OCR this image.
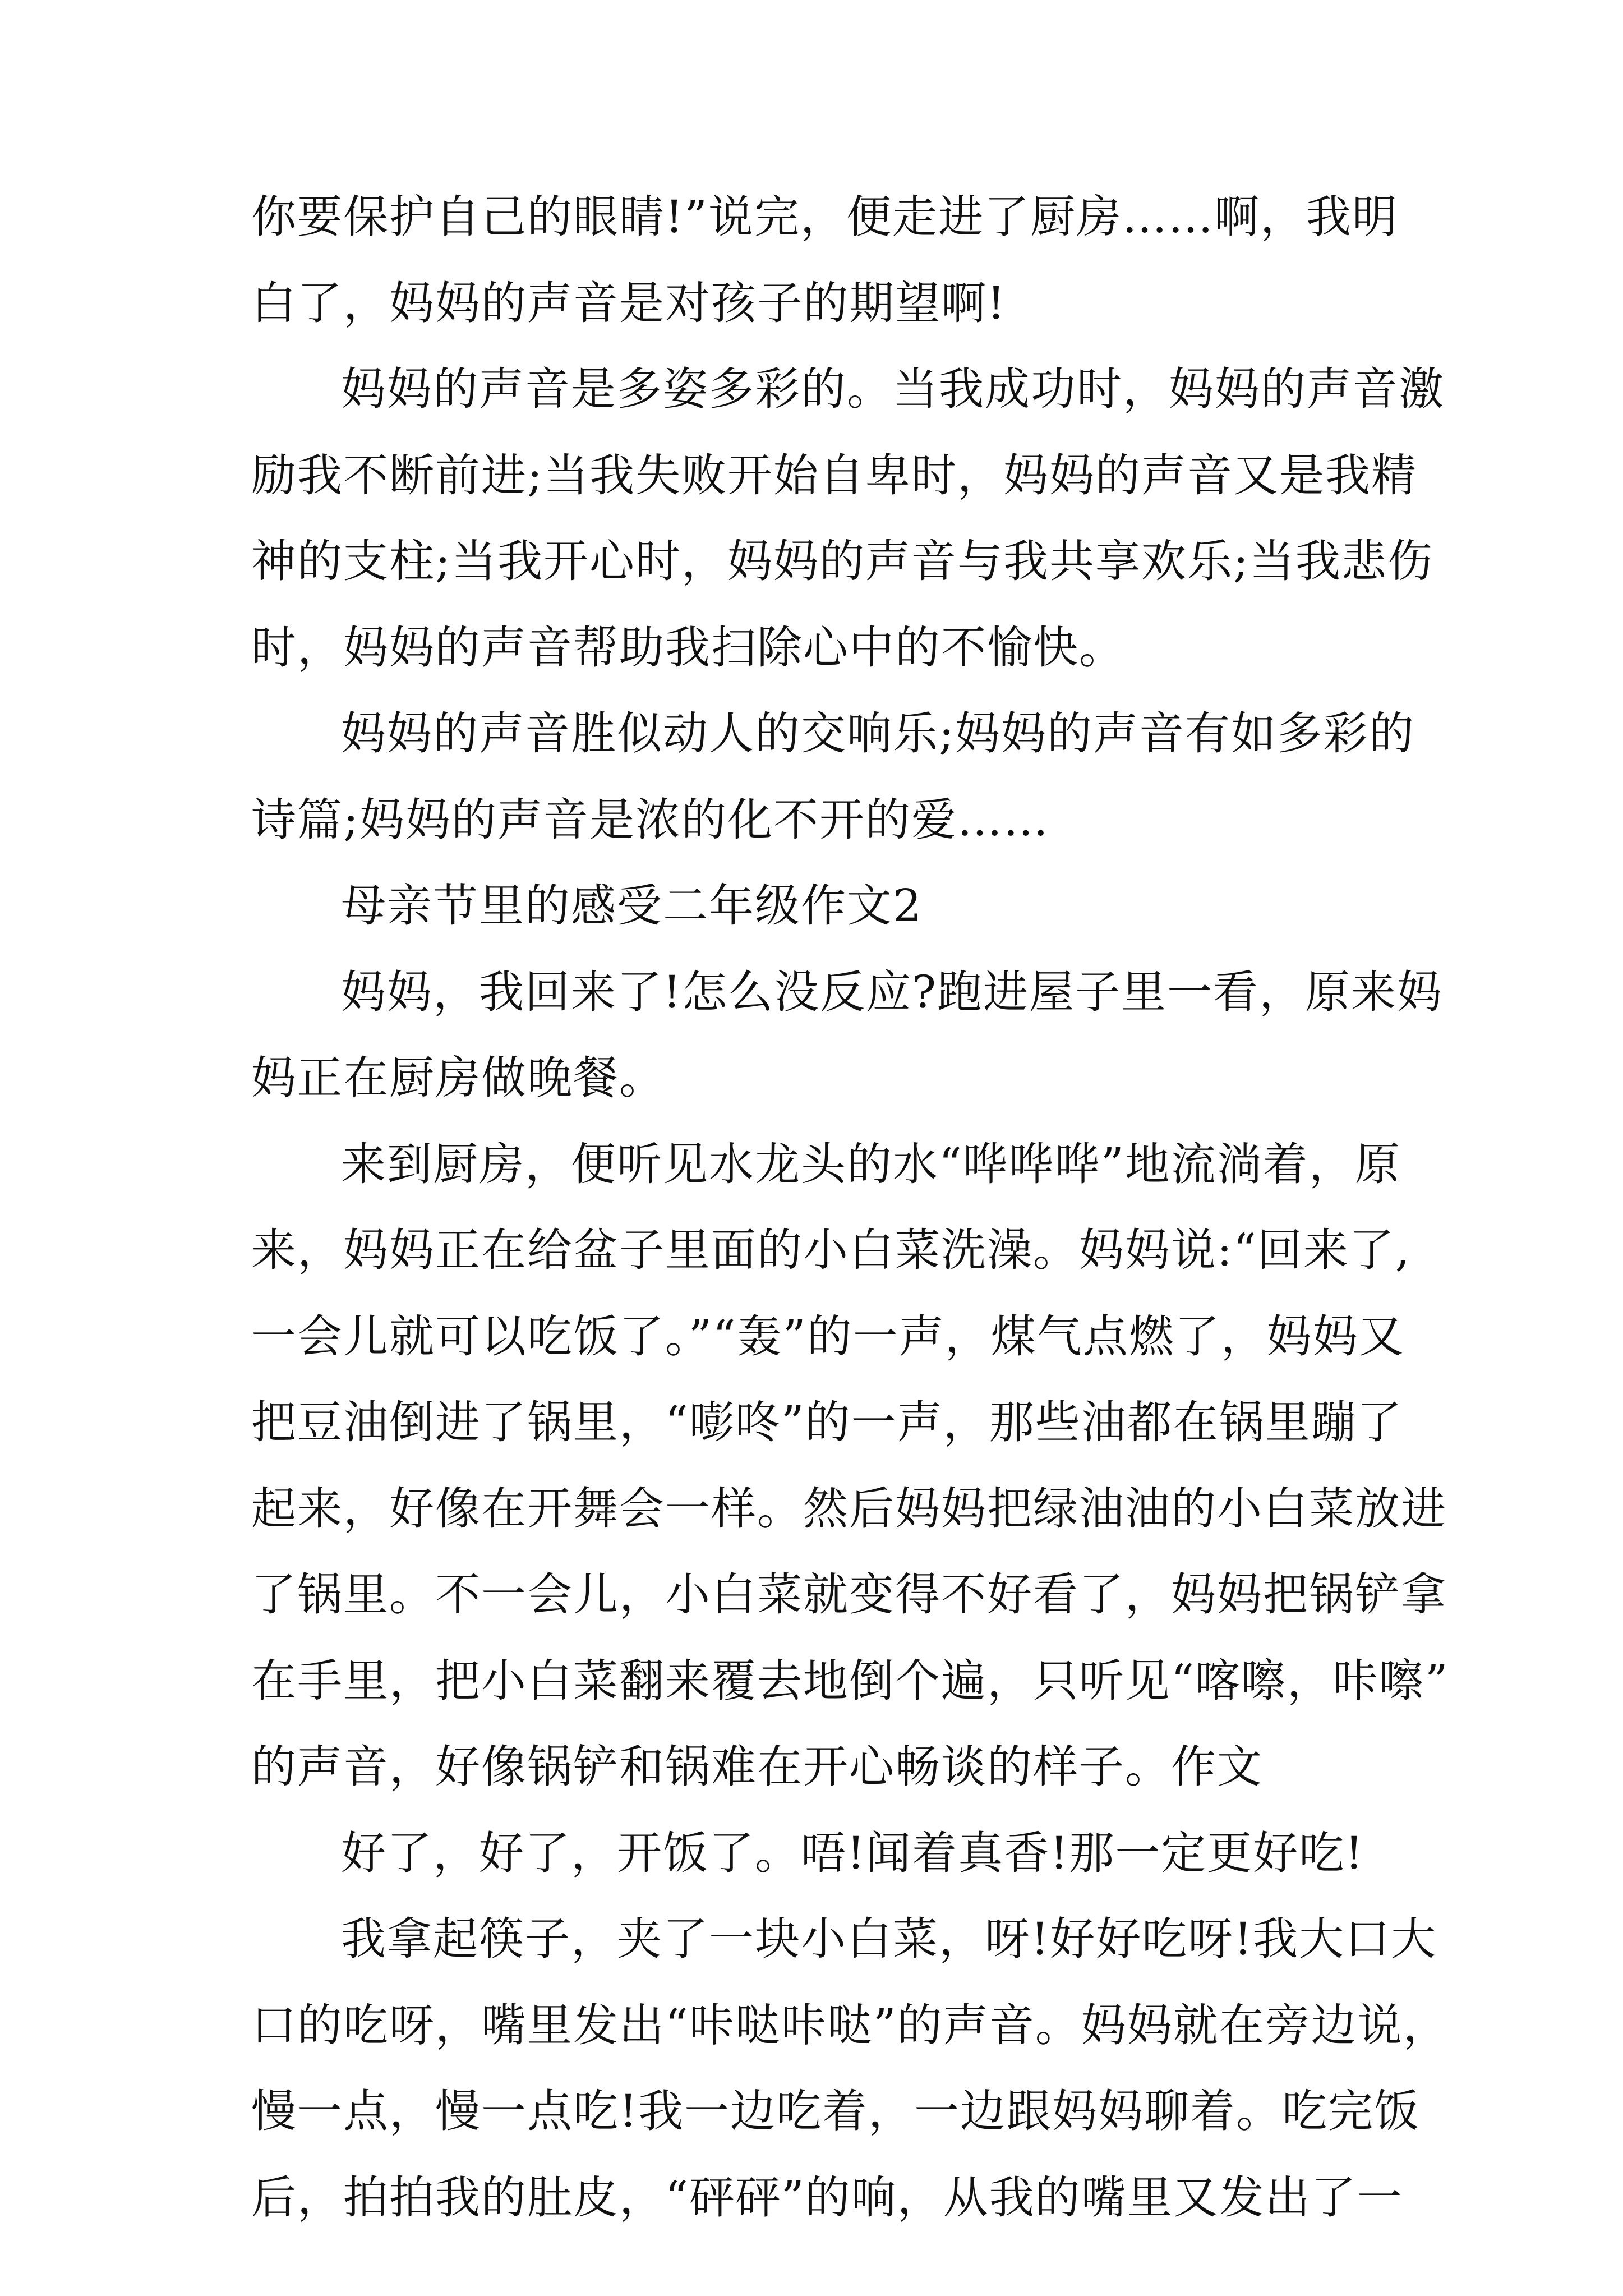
你要保护自己的眼睛!”说完，便走进了厨房……啊，我明
白了，妈妈的声音是对孩子的期望啊!
妈妈的声音是多姿多彩的。当我成功时，妈妈的声音激
励我不断前进;当我失败开始自卑时，妈妈的声音又是我精
神的支柱;当我开心时，妈妈的声音与我共享欢乐;当我悲伤
时，妈妈的声音帮助我扫除心中的不愉快。
妈妈的声音胜似动人的交响乐;妈妈的声音有如多彩的
诗篇;妈妈的声音是浓的化不开的爱……
母亲节里的感受二年级作文2
妈妈，我回来了!怎么没反应?跑进屋子里一看，原来妈
妈正在厨房做晚餐。
来到厨房，便听见水龙头的水“哗哗哗”地流淌着，原
来，妈妈正在给盆子里面的小白菜洗澡。妈妈说:“回来了,
一会儿就可以吃饭了。”“轰”的一声，煤气点燃了，妈妈又
把豆油倒进了锅里，“嘭咚”的一声，那些油都在锅里蹦了
起来，好像在开舞会一样。然后妈妈把绿油油的小白菜放进
了锅里。不一会儿，小白菜就变得不好看了，妈妈把锅铲拿
在手里，把小白菜翻来覆去地倒个遍，只听见“喀嚓，咔嚓”
的声音，好像锅铲和锅难在开心畅谈的样子。作文
好了，好了，开饭了。唔!闻着真香!那一定更好吃!
我拿起筷子，夹了一块小白菜，呀!好好吃呀!我大口大
口的吃呀，嘴里发出“咔哒咔哒”的声音。妈妈就在旁边说，
慢一点，慢一点吃!我一边吃着，一边跟妈妈聊着。吃完饭
后，拍拍我的肚皮，“砰砰”的响，从我的嘴里又发出了一
